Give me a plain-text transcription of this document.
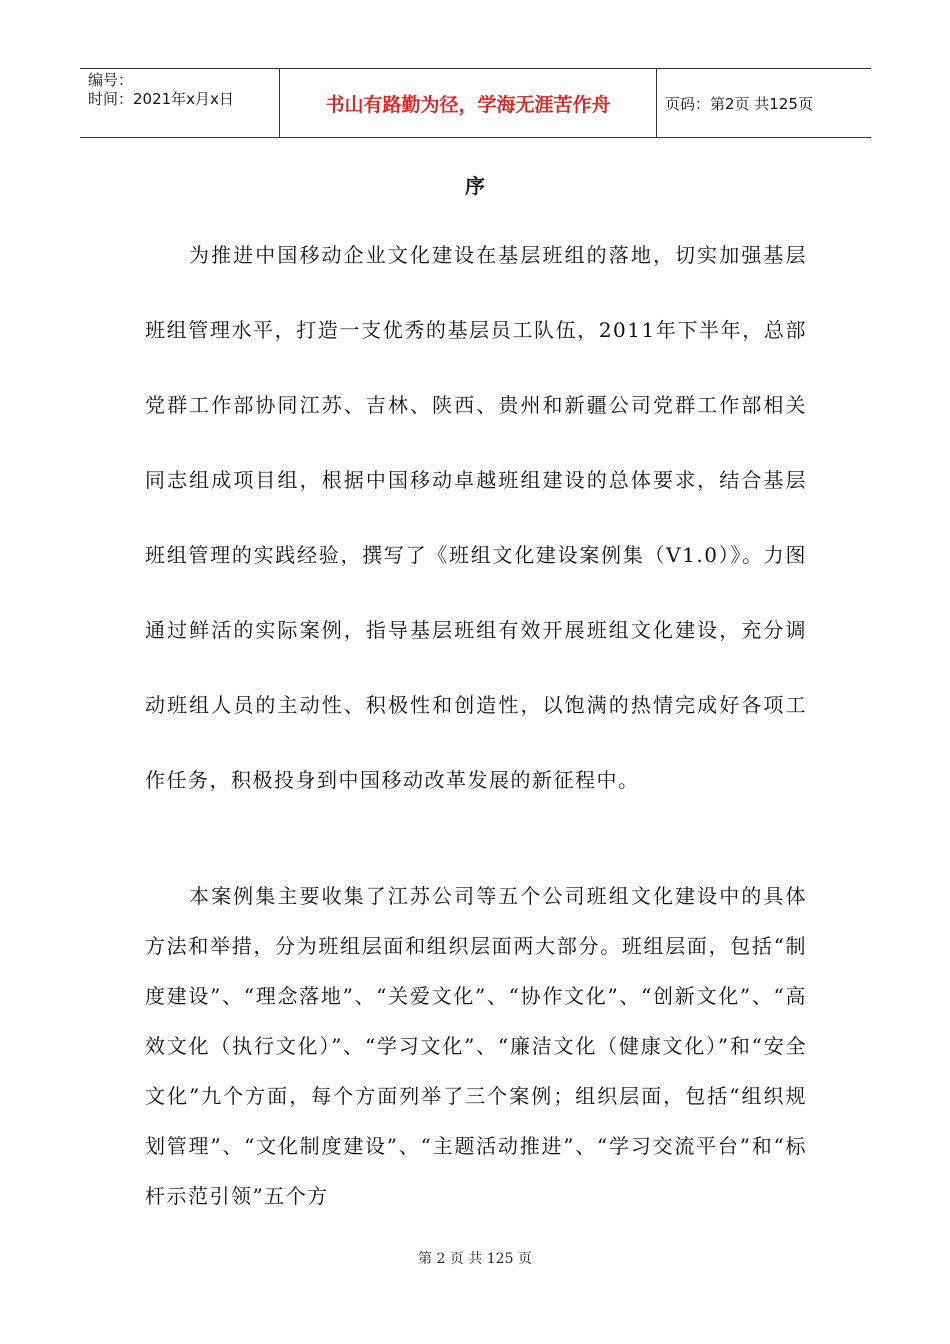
编号：
时间：2021年x月x日	书山有路勤为径，学海无涯苦作舟	页码：第2页 共125页
序

为推进中国移动企业文化建设在基层班组的落地，切实加强基层班组管理水平，打造一支优秀的基层员工队伍，2011年下半年，总部党群工作部协同江苏、吉林、陕西、贵州和新疆公司党群工作部相关同志组成项目组，根据中国移动卓越班组建设的总体要求，结合基层班组管理的实践经验，撰写了《班组文化建设案例集（V1.0）》。力图通过鲜活的实际案例，指导基层班组有效开展班组文化建设，充分调动班组人员的主动性、积极性和创造性，以饱满的热情完成好各项工作任务，积极投身到中国移动改革发展的新征程中。

本案例集主要收集了江苏公司等五个公司班组文化建设中的具体方法和举措，分为班组层面和组织层面两大部分。班组层面，包括“制度建设”、“理念落地”、“关爱文化”、“协作文化”、“创新文化”、“高效文化（执行文化）”、“学习文化”、“廉洁文化（健康文化）”和“安全文化”九个方面，每个方面列举了三个案例；组织层面，包括“组织规划管理”、“文化制度建设”、“主题活动推进”、“学习交流平台”和“标杆示范引领”五个方

第 2 页 共 125 页
